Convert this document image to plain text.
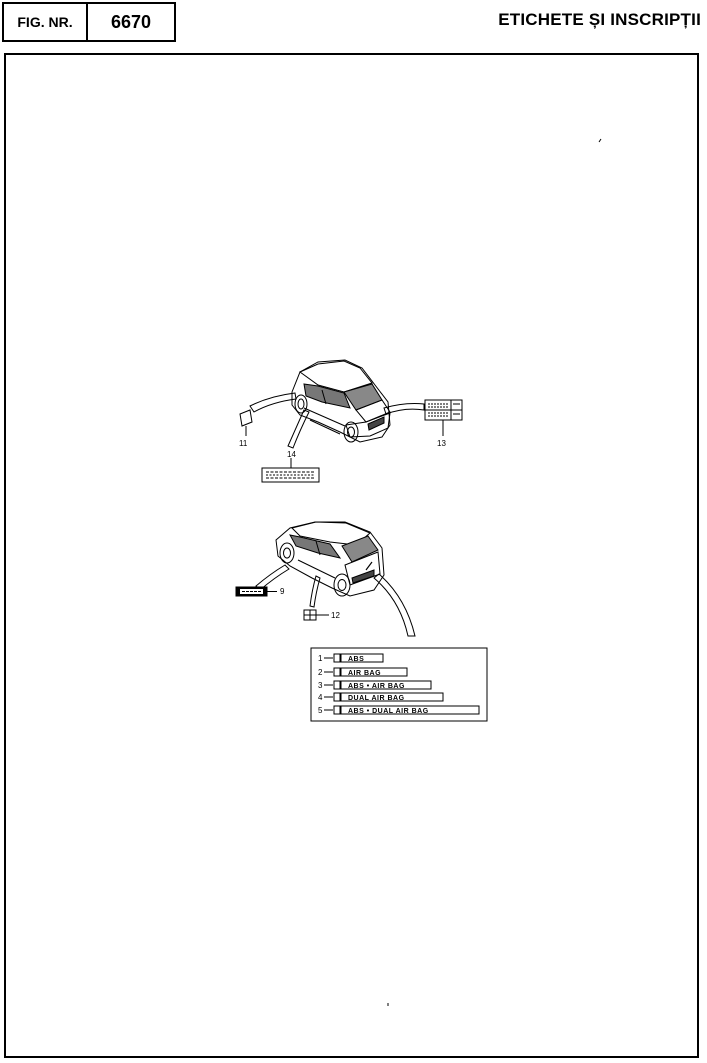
FIG. NR.	6670	ETICHETE ȘI INSCRIPȚII
1	ABS
2	AIR BAG
3	ABS • AIR BAG
4	DUAL AIR BAG
5	ABS • DUAL AIR BAG
11	13
14
9
12
